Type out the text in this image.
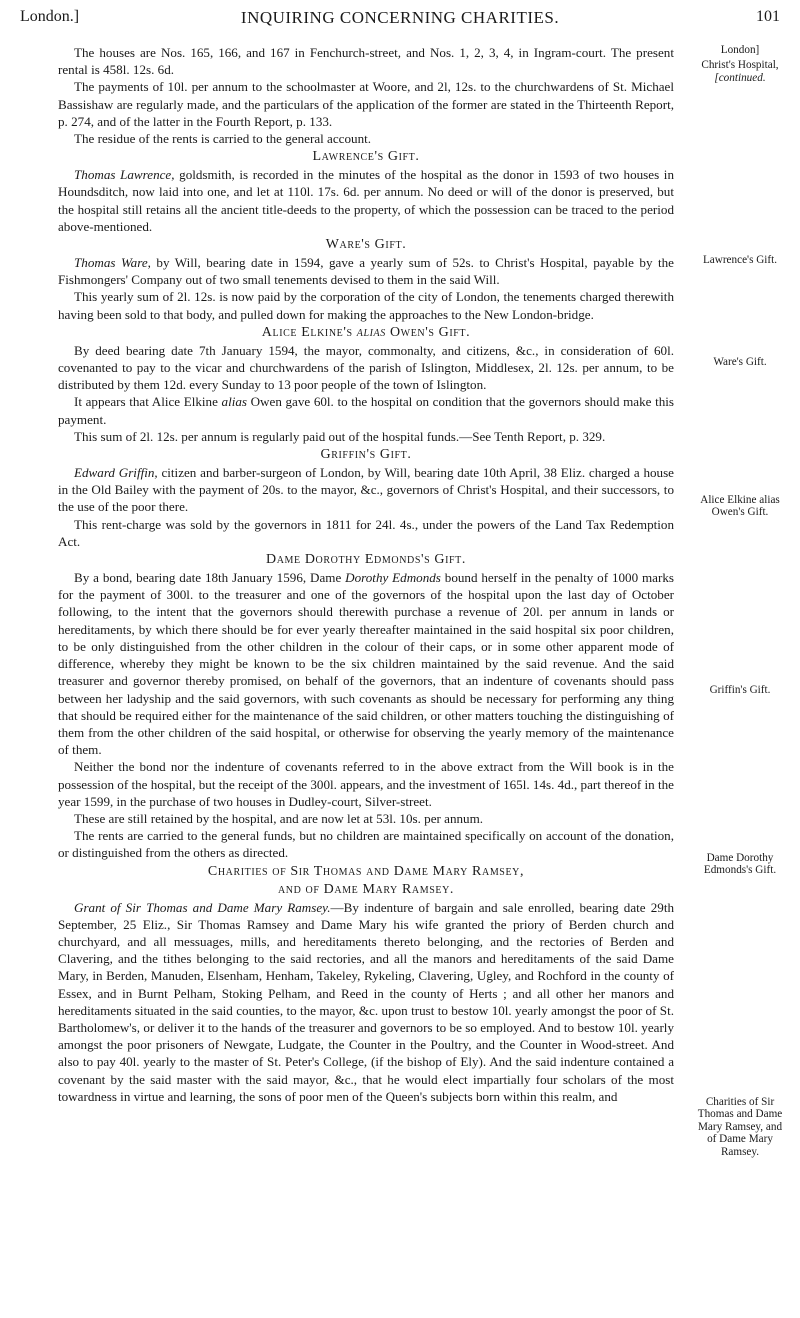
London.]	INQUIRING CONCERNING CHARITIES.	101

The houses are Nos. 165, 166, and 167 in Fenchurch-street, and Nos. 1, 2, 3, 4, in Ingram-court. The present rental is 458l. 12s. 6d.

The payments of 10l. per annum to the schoolmaster at Woore, and 2l, 12s. to the churchwardens of St. Michael Bassishaw are regularly made, and the particulars of the application of the former are stated in the Thirteenth Report, p. 274, and of the latter in the Fourth Report, p. 133.

The residue of the rents is carried to the general account.

Lawrence's Gift.

Thomas Lawrence, goldsmith, is recorded in the minutes of the hospital as the donor in 1593 of two houses in Houndsditch, now laid into one, and let at 110l. 17s. 6d. per annum. No deed or will of the donor is preserved, but the hospital still retains all the ancient title-deeds to the property, of which the possession can be traced to the period above-mentioned.

Ware's Gift.

Thomas Ware, by Will, bearing date in 1594, gave a yearly sum of 52s. to Christ's Hospital, payable by the Fishmongers' Company out of two small tenements devised to them in the said Will.

This yearly sum of 2l. 12s. is now paid by the corporation of the city of London, the tenements charged therewith having been sold to that body, and pulled down for making the approaches to the New London-bridge.

Alice Elkine's alias Owen's Gift.

By deed bearing date 7th January 1594, the mayor, commonalty, and citizens, &c., in consideration of 60l. covenanted to pay to the vicar and churchwardens of the parish of Islington, Middlesex, 2l. 12s. per annum, to be distributed by them 12d. every Sunday to 13 poor people of the town of Islington.

It appears that Alice Elkine alias Owen gave 60l. to the hospital on condition that the governors should make this payment.

This sum of 2l. 12s. per annum is regularly paid out of the hospital funds.—See Tenth Report, p. 329.

Griffin's Gift.

Edward Griffin, citizen and barber-surgeon of London, by Will, bearing date 10th April, 38 Eliz. charged a house in the Old Bailey with the payment of 20s. to the mayor, &c., governors of Christ's Hospital, and their successors, to the use of the poor there.

This rent-charge was sold by the governors in 1811 for 24l. 4s., under the powers of the Land Tax Redemption Act.

Dame Dorothy Edmonds's Gift.

By a bond, bearing date 18th January 1596, Dame Dorothy Edmonds bound herself in the penalty of 1000 marks for the payment of 300l. to the treasurer and one of the governors of the hospital upon the last day of October following, to the intent that the governors should therewith purchase a revenue of 20l. per annum in lands or hereditaments, by which there should be for ever yearly thereafter maintained in the said hospital six poor children, to be only distinguished from the other children in the colour of their caps, or in some other apparent mode of difference, whereby they might be known to be the six children maintained by the said revenue. And the said treasurer and governor thereby promised, on behalf of the governors, that an indenture of covenants should pass between her ladyship and the said governors, with such covenants as should be necessary for performing any thing that should be required either for the maintenance of the said children, or other matters touching the distinguishing of them from the other children of the said hospital, or otherwise for observing the yearly memory of the maintenance of them.

Neither the bond nor the indenture of covenants referred to in the above extract from the Will book is in the possession of the hospital, but the receipt of the 300l. appears, and the investment of 165l. 14s. 4d., part thereof in the year 1599, in the purchase of two houses in Dudley-court, Silver-street.

These are still retained by the hospital, and are now let at 53l. 10s. per annum.

The rents are carried to the general funds, but no children are maintained specifically on account of the donation, or distinguished from the others as directed.

Charities of Sir Thomas and Dame Mary Ramsey,
and of Dame Mary Ramsey.

Grant of Sir Thomas and Dame Mary Ramsey.—By indenture of bargain and sale enrolled, bearing date 29th September, 25 Eliz., Sir Thomas Ramsey and Dame Mary his wife granted the priory of Berden church and churchyard, and all messuages, mills, and hereditaments thereto belonging, and the rectories of Berden and Clavering, and the tithes belonging to the said rectories, and all the manors and hereditaments of the said Dame Mary, in Berden, Manuden, Elsenham, Henham, Takeley, Rykeling, Clavering, Ugley, and Rochford in the county of Essex, and in Burnt Pelham, Stoking Pelham, and Reed in the county of Herts ; and all other her manors and hereditaments situated in the said counties, to the mayor, &c. upon trust to bestow 10l. yearly amongst the poor of St. Bartholomew's, or deliver it to the hands of the treasurer and governors to be so employed. And to bestow 10l. yearly amongst the poor prisoners of Newgate, Ludgate, the Counter in the Poultry, and the Counter in Wood-street. And also to pay 40l. yearly to the master of St. Peter's College, (if the bishop of Ely). And the said indenture contained a covenant by the said master with the said mayor, &c., that he would elect impartially four scholars of the most towardness in virtue and learning, the sons of poor men of the Queen's subjects born within this realm, and

London]
Christ's Hospital,
[continued.
Lawrence's Gift.
Ware's Gift.
Alice Elkine alias
Owen's Gift.
Griffin's Gift.
Dame Dorothy
Edmonds's Gift.
Charities of Sir
Thomas and Dame
Mary Ramsey, and
of Dame Mary
Ramsey.
